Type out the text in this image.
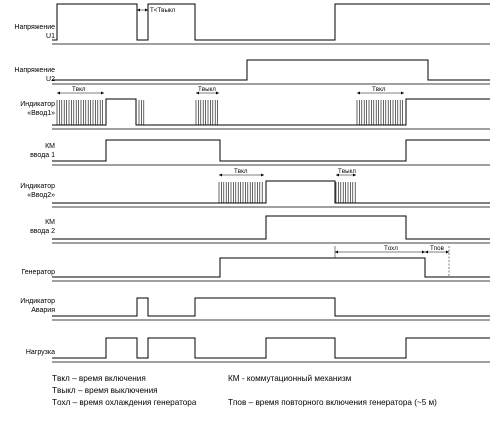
T<Tвыкл
Tвкл	Tвыкл	Tвкл
Tвкл	Tвыкл
Tохл	Tпов
Напряжение
U1
Напряжение
U2
Индикатор
«Ввод1»
КМ
ввода 1
Индикатор
«Ввод2»
КМ
ввода 2
Генератор
Индикатор
Авария
Нагрузка
Tвкл – время включения
Tвыкл – время выключения
Tохл – время охлаждения генератора
КМ - коммутационный механизм
Tпов – время повторного включения генератора (~5 м)
